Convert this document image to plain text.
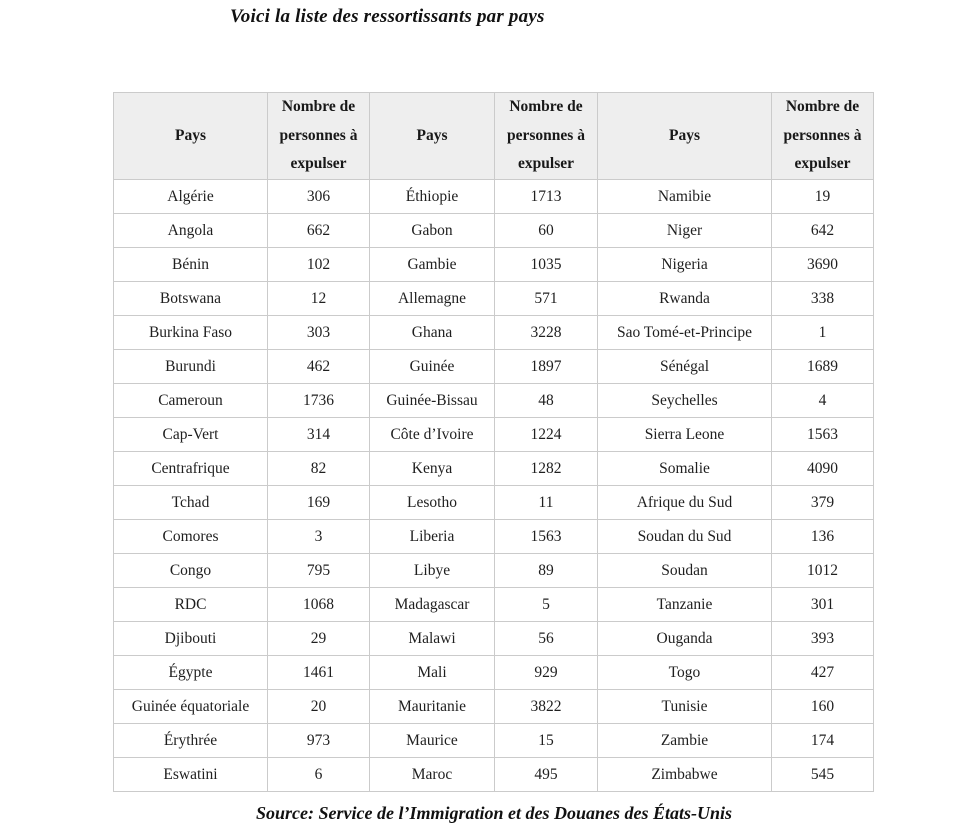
Voici la liste des ressortissants par pays
Pays	Nombre de personnes à expulser	Pays	Nombre de personnes à expulser	Pays	Nombre de personnes à expulser
Algérie	306	Éthiopie	1713	Namibie	19
Angola	662	Gabon	60	Niger	642
Bénin	102	Gambie	1035	Nigeria	3690
Botswana	12	Allemagne	571	Rwanda	338
Burkina Faso	303	Ghana	3228	Sao Tomé-et-Principe	1
Burundi	462	Guinée	1897	Sénégal	1689
Cameroun	1736	Guinée-Bissau	48	Seychelles	4
Cap-Vert	314	Côte d’Ivoire	1224	Sierra Leone	1563
Centrafrique	82	Kenya	1282	Somalie	4090
Tchad	169	Lesotho	11	Afrique du Sud	379
Comores	3	Liberia	1563	Soudan du Sud	136
Congo	795	Libye	89	Soudan	1012
RDC	1068	Madagascar	5	Tanzanie	301
Djibouti	29	Malawi	56	Ouganda	393
Égypte	1461	Mali	929	Togo	427
Guinée équatoriale	20	Mauritanie	3822	Tunisie	160
Érythrée	973	Maurice	15	Zambie	174
Eswatini	6	Maroc	495	Zimbabwe	545
Source: Service de l’Immigration et des Douanes des États-Unis
